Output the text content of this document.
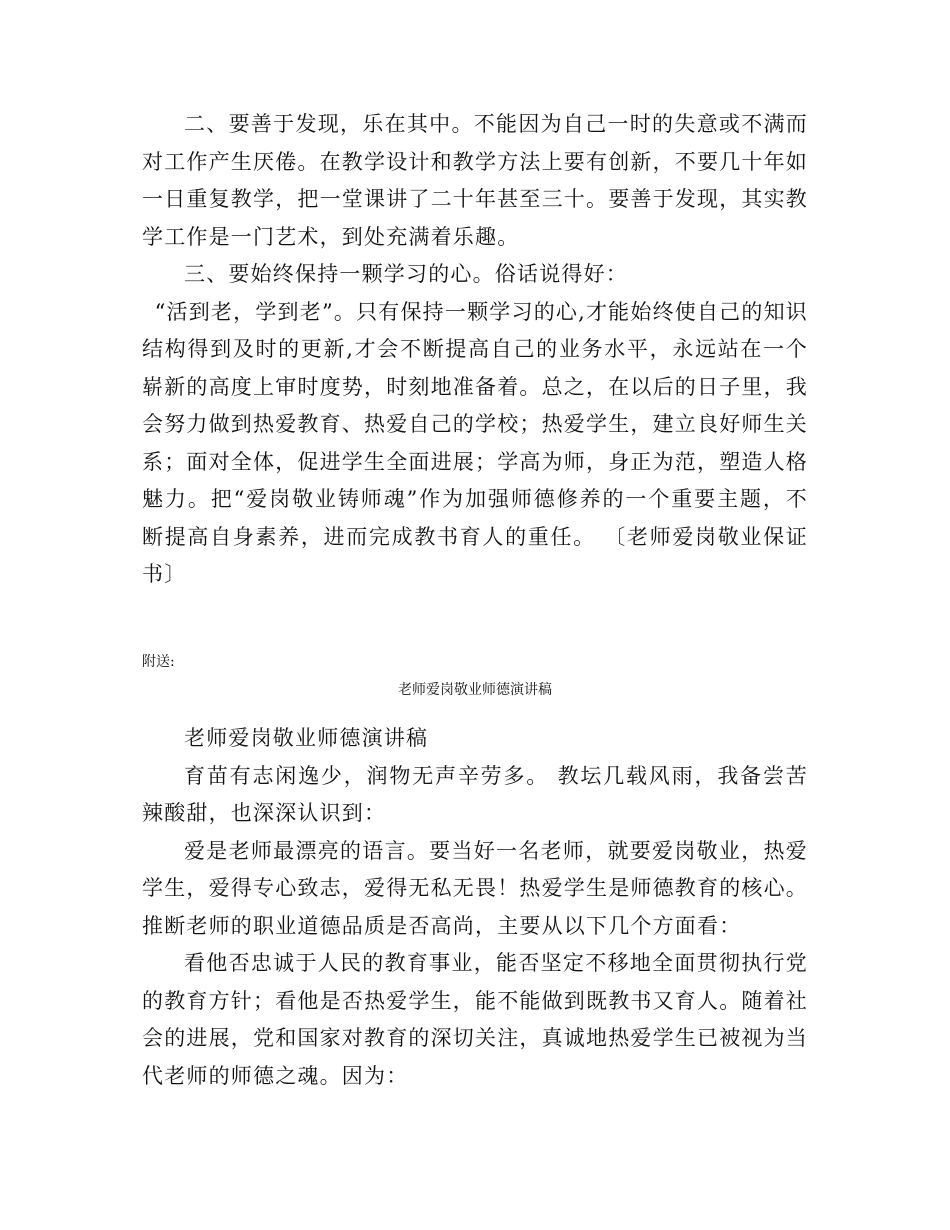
二、要善于发现，乐在其中。不能因为自己一时的失意或不满而对工作产生厌倦。在教学设计和教学方法上要有创新，不要几十年如一日重复教学，把一堂课讲了二十年甚至三十。要善于发现，其实教学工作是一门艺术，到处充满着乐趣。

三、要始终保持一颗学习的心。俗话说得好：

“活到老，学到老”。只有保持一颗学习的心,才能始终使自己的知识结构得到及时的更新,才会不断提高自己的业务水平，永远站在一个崭新的高度上审时度势，时刻地准备着。总之，在以后的日子里，我会努力做到热爱教育、热爱自己的学校；热爱学生，建立良好师生关系；面对全体，促进学生全面进展；学高为师，身正为范，塑造人格魅力。把“爱岗敬业铸师魂”作为加强师德修养的一个重要主题，不断提高自身素养，进而完成教书育人的重任。 〔老师爱岗敬业保证书〕

附送:
老师爱岗敬业师德演讲稿

老师爱岗敬业师德演讲稿

育苗有志闲逸少，润物无声辛劳多。 教坛几载风雨，我备尝苦辣酸甜，也深深认识到：

爱是老师最漂亮的语言。要当好一名老师，就要爱岗敬业，热爱学生，爱得专心致志，爱得无私无畏！热爱学生是师德教育的核心。推断老师的职业道德品质是否高尚，主要从以下几个方面看：

看他否忠诚于人民的教育事业，能否坚定不移地全面贯彻执行党的教育方针；看他是否热爱学生，能不能做到既教书又育人。随着社会的进展，党和国家对教育的深切关注，真诚地热爱学生已被视为当代老师的师德之魂。因为：
